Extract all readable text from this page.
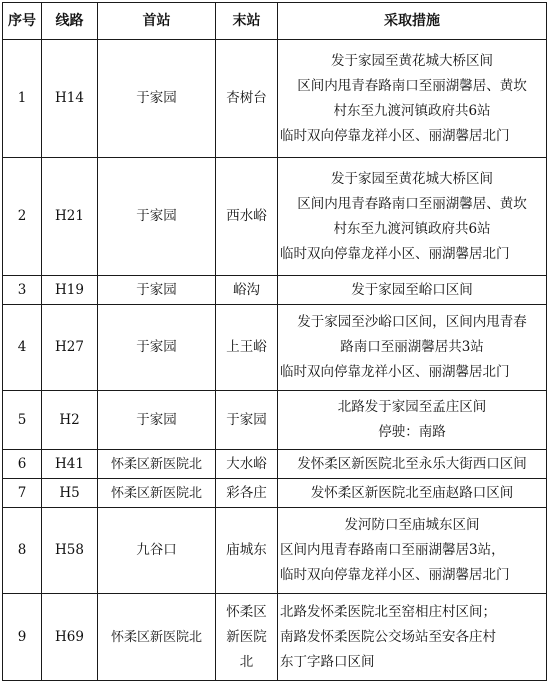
序号	线路	首站	末站	采取措施
1	H14	于家园	杏树台	发于家园至黄花城大桥区间
区间内甩青春路南口至丽湖馨居、黄坎
村东至九渡河镇政府共6站
临时双向停靠龙祥小区、丽湖馨居北门

2	H21	于家园	西水峪	发于家园至黄花城大桥区间
区间内甩青春路南口至丽湖馨居、黄坎
村东至九渡河镇政府共6站
临时双向停靠龙祥小区、丽湖馨居北门

3	H19	于家园	峪沟	发于家园至峪口区间

4	H27	于家园	上王峪	发于家园至沙峪口区间，区间内甩青春
路南口至丽湖馨居共3站
临时双向停靠龙祥小区、丽湖馨居北门

5	H2	于家园	于家园	北路发于家园至孟庄区间
停驶：南路

6	H41	怀柔区新医院北	大水峪	发怀柔区新医院北至永乐大街西口区间

7	H5	怀柔区新医院北	彩各庄	发怀柔区新医院北至庙赵路口区间

8	H58	九谷口	庙城东	发河防口至庙城东区间
区间内甩青春路南口至丽湖馨居3站，
临时双向停靠龙祥小区、丽湖馨居北门

9	H69	怀柔区新医院北	怀柔区
新医院
北	北路发怀柔医院北至窑相庄村区间；
南路发怀柔医院公交场站至安各庄村
东丁字路口区间
